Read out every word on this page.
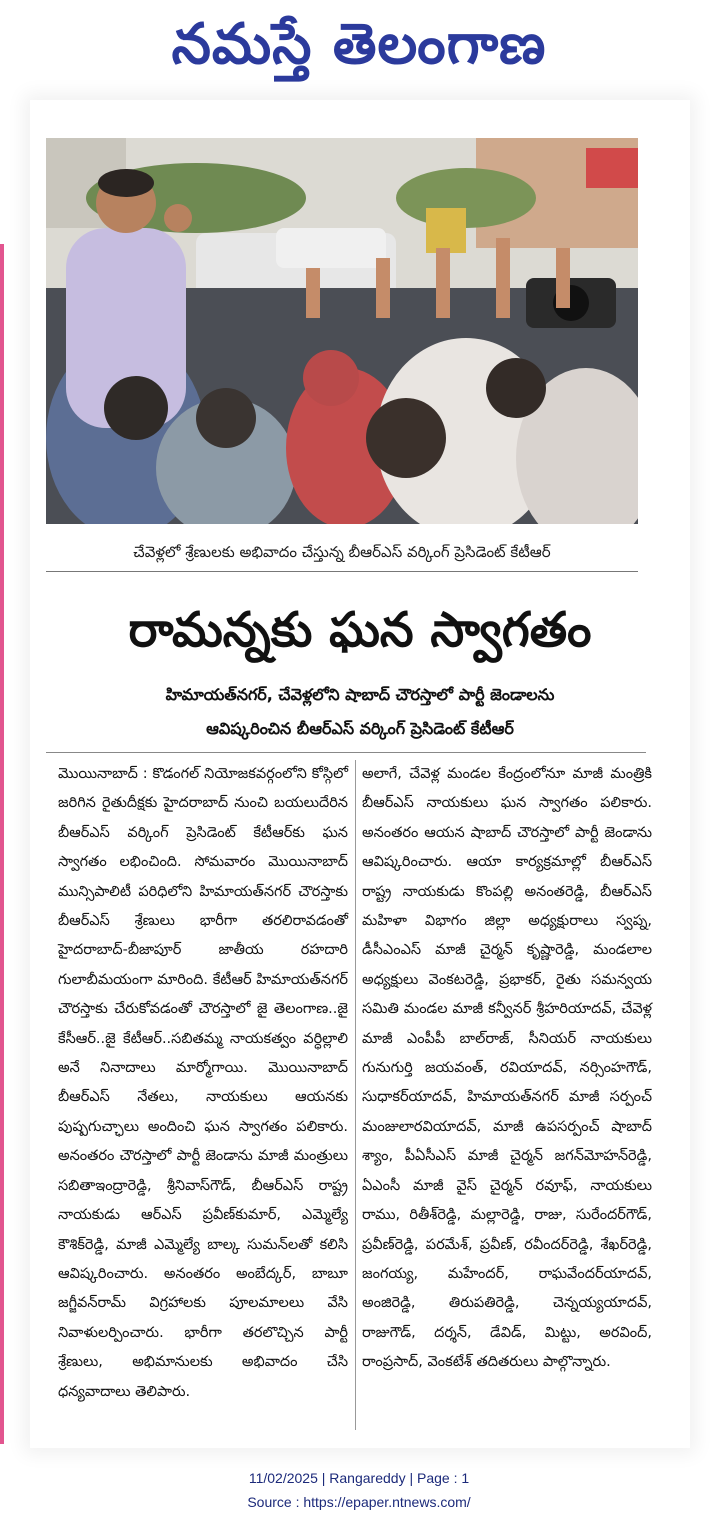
నమస్తే తెలంగాణ
చేవెళ్లలో శ్రేణులకు అభివాదం చేస్తున్న బీఆర్‌ఎస్ వర్కింగ్ ప్రెసిడెంట్ కేటీఆర్
రామన్నకు ఘన స్వాగతం
హిమాయత్‌నగర్, చేవెళ్లలోని షాబాద్ చౌరస్తాలో పార్టీ జెండాలను
ఆవిష్కరించిన బీఆర్‌ఎస్ వర్కింగ్ ప్రెసిడెంట్ కేటీఆర్

మొయినాబాద్ : కొడంగల్ నియోజకవర్గంలోని కోస్గిలో జరిగిన రైతుదీక్షకు హైదరాబాద్ నుంచి బయలుదేరిన బీఆర్‌ఎస్ వర్కింగ్ ప్రెసిడెంట్ కేటీఆర్‌కు ఘన స్వాగతం లభించింది. సోమవారం మొయినాబాద్ మున్సిపాలిటీ పరిధిలోని హిమాయత్‌నగర్ చౌరస్తాకు బీఆర్‌ఎస్ శ్రేణులు భారీగా తరలిరావడంతో హైదరాబాద్-బీజాపూర్ జాతీయ రహదారి గులాబీమయంగా మారింది. కేటీఆర్ హిమాయత్‌నగర్ చౌరస్తాకు చేరుకోవడంతో చౌరస్తాలో జై తెలంగాణ..జై కేసీఆర్..జై కేటీఆర్..సబితమ్మ నాయకత్వం వర్ధిల్లాలి అనే నినాదాలు మార్మోగాయి. మొయినాబాద్ బీఆర్‌ఎస్ నేతలు, నాయకులు ఆయనకు పుష్పగుచ్ఛాలు అందించి ఘన స్వాగతం పలికారు. అనంతరం చౌరస్తాలో పార్టీ జెండాను మాజీ మంత్రులు సబితాఇంద్రారెడ్డి, శ్రీనివాస్‌గౌడ్, బీఆర్‌ఎస్ రాష్ట్ర నాయకుడు ఆర్‌ఎస్ ప్రవీణ్‌కుమార్, ఎమ్మెల్యే కౌశిక్‌రెడ్డి, మాజీ ఎమ్మెల్యే బాల్క సుమన్‌లతో కలిసి ఆవిష్కరించారు. అనంతరం అంబేద్కర్, బాబూ జగ్జీవన్‌రామ్ విగ్రహాలకు పూలమాలలు వేసి నివాళులర్పించారు. భారీగా తరలొచ్చిన పార్టీ శ్రేణులు, అభిమానులకు అభివాదం చేసి ధన్యవాదాలు తెలిపారు.

అలాగే, చేవెళ్ల మండల కేంద్రంలోనూ మాజీ మంత్రికి బీఆర్‌ఎస్ నాయకులు ఘన స్వాగతం పలికారు. అనంతరం ఆయన షాబాద్ చౌరస్తాలో పార్టీ జెండాను ఆవిష్కరించారు. ఆయా కార్యక్రమాల్లో బీఆర్‌ఎస్ రాష్ట్ర నాయకుడు కొంపల్లి అనంతరెడ్డి, బీఆర్‌ఎస్ మహిళా విభాగం జిల్లా అధ్యక్షురాలు స్వప్న, డీసీఎంఎస్ మాజీ చైర్మన్ కృష్ణారెడ్డి, మండలాల అధ్యక్షులు వెంకటరెడ్డి, ప్రభాకర్, రైతు సమన్వయ సమితి మండల మాజీ కన్వీనర్ శ్రీహరియాదవ్, చేవెళ్ల మాజీ ఎంపీపీ బాల్‌రాజ్, సీనియర్ నాయకులు గునుగుర్తి జయవంత్, రవియాదవ్, నర్సింహగౌడ్, సుధాకర్‌యాదవ్, హిమాయత్‌నగర్ మాజీ సర్పంచ్ మంజులారవియాదవ్, మాజీ ఉపసర్పంచ్ షాబాద్ శ్యాం, పీఏసీఎస్ మాజీ చైర్మన్ జగన్‌మోహన్‌రెడ్డి, ఏఎంసీ మాజీ వైస్ చైర్మన్ రవూఫ్, నాయకులు రాము, రితీశ్‌రెడ్డి, మల్లారెడ్డి, రాజు, సురేందర్‌గౌడ్, ప్రవీణ్‌రెడ్డి, పరమేశ్, ప్రవీణ్, రవీందర్‌రెడ్డి, శేఖర్‌రెడ్డి, జంగయ్య, మహేందర్, రాఘవేందర్‌యాదవ్, అంజిరెడ్డి, తిరుపతిరెడ్డి, చెన్నయ్యయాదవ్, రాజుగౌడ్, దర్శన్, డేవిడ్, మిట్టు, అరవింద్, రాంప్రసాద్, వెంకటేశ్ తదితరులు పాల్గొన్నారు.

11/02/2025 | Rangareddy | Page : 1
Source : https://epaper.ntnews.com/
